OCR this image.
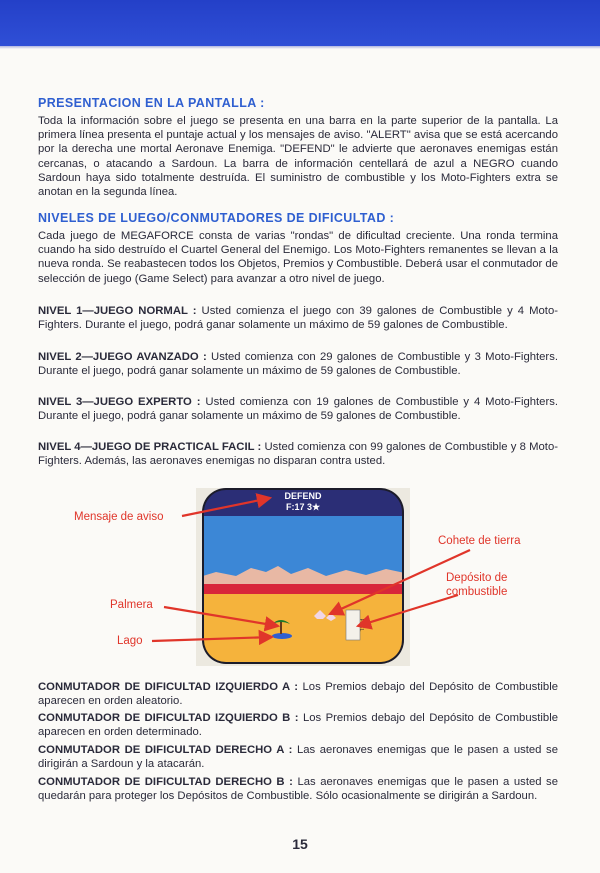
PRESENTACION EN LA PANTALLA :

Toda la información sobre el juego se presenta en una barra en la parte superior de la pantalla. La primera línea presenta el puntaje actual y los mensajes de aviso. "ALERT" avisa que se está acercando por la derecha une mortal Aeronave Enemiga. "DEFEND" le advierte que aeronaves enemigas están cercanas, o atacando a Sardoun. La barra de información centellará de azul a NEGRO cuando Sardoun haya sido totalmente destruída. El suministro de combustible y los Moto-Fighters extra se anotan en la segunda línea.

NIVELES DE LUEGO/CONMUTADORES DE DIFICULTAD :

Cada juego de MEGAFORCE consta de varias "rondas" de dificultad creciente. Una ronda termina cuando ha sido destruído el Cuartel General del Enemigo. Los Moto-Fighters remanentes se llevan a la nueva ronda. Se reabastecen todos los Objetos, Premios y Combustible. Deberá usar el conmutador de selección de juego (Game Select) para avanzar a otro nivel de juego.

NIVEL 1—JUEGO NORMAL : Usted comienza el juego con 39 galones de Combustible y 4 Moto-Fighters. Durante el juego, podrá ganar solamente un máximo de 59 galones de Combustible.

NIVEL 2—JUEGO AVANZADO : Usted comienza con 29 galones de Combustible y 3 Moto-Fighters. Durante el juego, podrá ganar solamente un máximo de 59 galones de Combustible.

NIVEL 3—JUEGO EXPERTO : Usted comienza con 19 galones de Combustible y 4 Moto-Fighters. Durante el juego, podrá ganar solamente un máximo de 59 galones de Combustible.

NIVEL 4—JUEGO DE PRACTICAL FACIL : Usted comienza con 99 galones de Combustible y 8 Moto-Fighters. Además, las aeronaves enemigas no disparan contra usted.

DEFEND
F:17 3★
Mensaje de aviso
Cohete de tierra
Depósito de
combustible
Palmera
Lago

CONMUTADOR DE DIFICULTAD IZQUIERDO A : Los Premios debajo del Depósito de Combustible aparecen en orden aleatorio.

CONMUTADOR DE DIFICULTAD IZQUIERDO B : Los Premios debajo del Depósito de Combustible aparecen en orden determinado.

CONMUTADOR DE DIFICULTAD DERECHO A : Las aeronaves enemigas que le pasen a usted se dirigirán a Sardoun y la atacarán.

CONMUTADOR DE DIFICULTAD DERECHO B : Las aeronaves enemigas que le pasen a usted se quedarán para proteger los Depósitos de Combustible. Sólo ocasionalmente se dirigirán a Sardoun.

15
